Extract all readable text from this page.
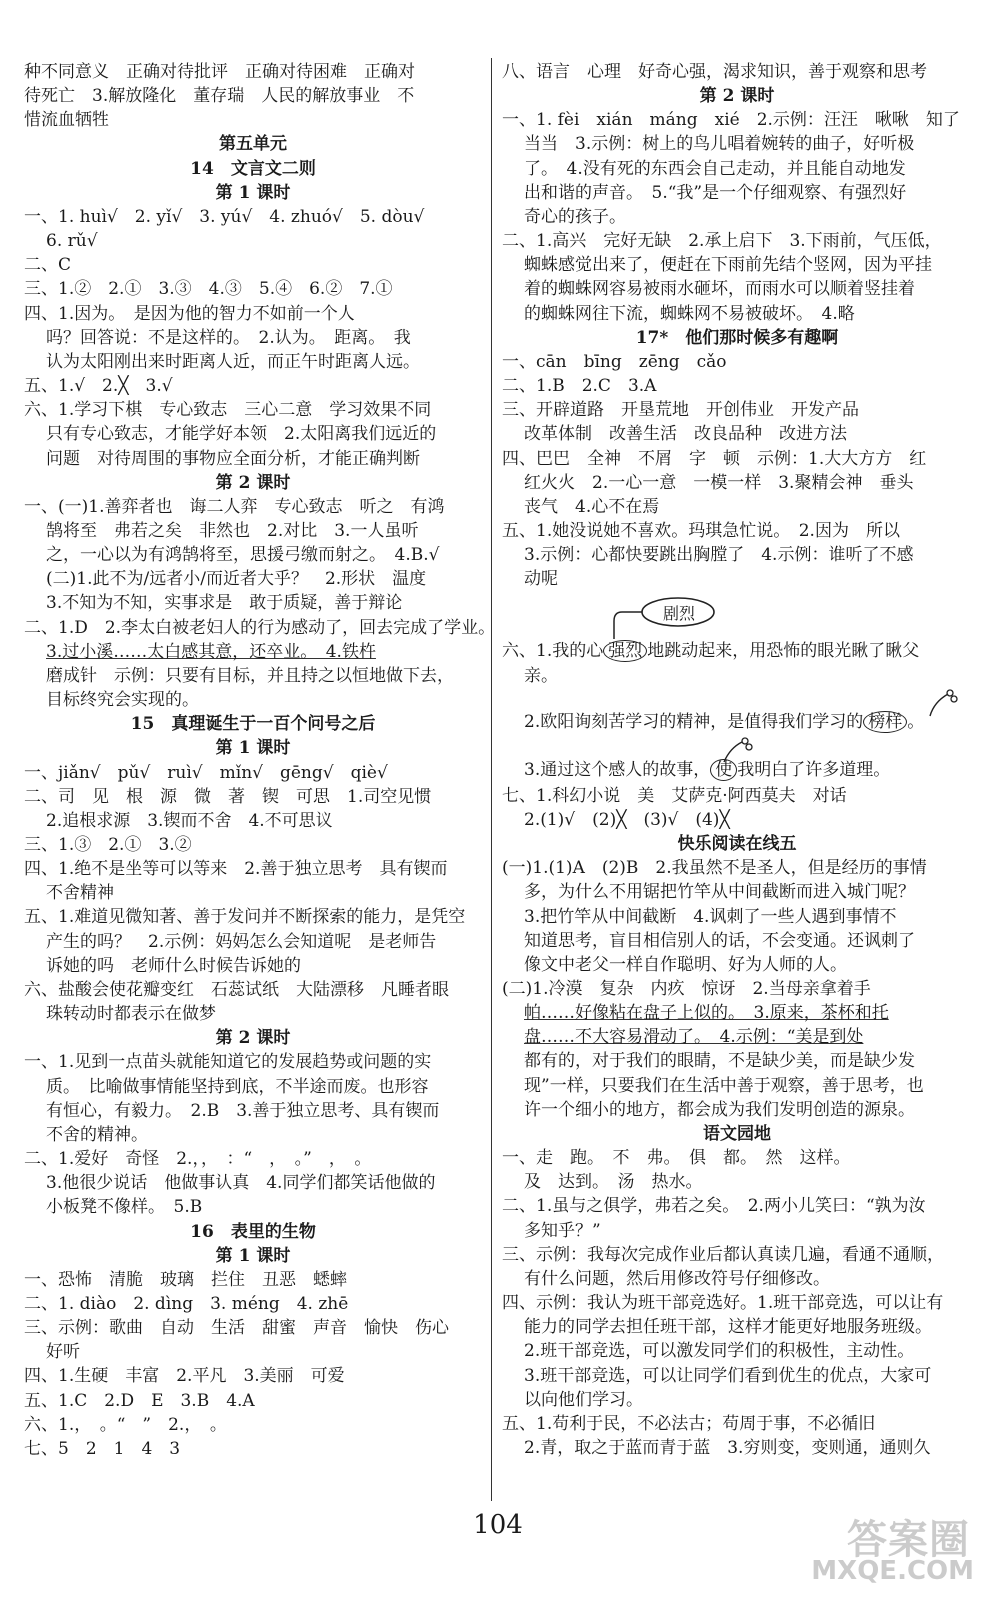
种不同意义　正确对待批评　正确对待困难　正确对
待死亡　3.解放隆化　董存瑞　人民的解放事业　不
惜流血牺牲
第五单元
14　文言文二则
第 1 课时
一、1. huì√　2. yǐ√　3. yú√　4. zhuó√　5. dòu√
6. rǔ√
二、C
三、1.②　2.①　3.③　4.③　5.④　6.②　7.①
四、1.因为。　是因为他的智力不如前一个人
吗？回答说：不是这样的。　2.认为。　距离。　我
认为太阳刚出来时距离人近，而正午时距离人远。
五、1.√　2.╳　3.√
六、1.学习下棋　专心致志　三心二意　学习效果不同
只有专心致志，才能学好本领　2.太阳离我们远近的
问题　对待周围的事物应全面分析，才能正确判断
第 2 课时
一、(一)1.善弈者也　诲二人弈　专心致志　听之　有鸿
鹄将至　弗若之矣　非然也　2.对比　3.一人虽听
之，一心以为有鸿鹄将至，思援弓缴而射之。　4.B.√
(二)1.此不为/远者小/而近者大乎？　2.形状　温度
3.不知为不知，实事求是　敢于质疑，善于辩论
二、1.D　2.李太白被老妇人的行为感动了，回去完成了学业。
3.过小溪……太白感其意，还卒业。　4.铁杵
磨成针　示例：只要有目标，并且持之以恒地做下去，
目标终究会实现的。
15　真理诞生于一百个问号之后
第 1 课时
一、jiǎn√　pǔ√　ruì√　mǐn√　gēng√　qiè√
二、司　见　根　源　微　著　锲　可思　1.司空见惯
2.追根求源　3.锲而不舍　4.不可思议
三、1.③　2.①　3.②
四、1.绝不是坐等可以等来　2.善于独立思考　具有锲而
不舍精神
五、1.难道见微知著、善于发问并不断探索的能力，是凭空
产生的吗？　2.示例：妈妈怎么会知道呢　是老师告
诉她的吗　老师什么时候告诉她的
六、盐酸会使花瓣变红　石蕊试纸　大陆漂移　凡睡者眼
珠转动时都表示在做梦
第 2 课时
一、1.见到一点苗头就能知道它的发展趋势或问题的实
质。　比喻做事情能坚持到底，不半途而废。也形容
有恒心，有毅力。　2.B　3.善于独立思考、具有锲而
不舍的精神。
二、1.爱好　奇怪　2.，，　：“　，　。”　，　。
3.他很少说话　他做事认真　4.同学们都笑话他做的
小板凳不像样。　5.B
16　表里的生物
第 1 课时
一、恐怖　清脆　玻璃　拦住　丑恶　蟋蟀
二、1. diào　2. dìng　3. méng　4. zhē
三、示例：歌曲　自动　生活　甜蜜　声音　愉快　伤心
好听
四、1.生硬　丰富　2.平凡　3.美丽　可爱
五、1.C　2.D　E　3.B　4.A
六、1.，　。“　”　2.，　。
七、5　2　1　4　3
八、语言　心理　好奇心强，渴求知识，善于观察和思考
第 2 课时
一、1. fèi　xián　máng　xié　2.示例：汪汪　啾啾　知了
当当　3.示例：树上的鸟儿唱着婉转的曲子，好听极
了。　4.没有死的东西会自己走动，并且能自动地发
出和谐的声音。　5.“我”是一个仔细观察、有强烈好
奇心的孩子。
二、1.高兴　完好无缺　2.承上启下　3.下雨前，气压低，
蜘蛛感觉出来了，便赶在下雨前先结个竖网，因为平挂
着的蜘蛛网容易被雨水砸坏，而雨水可以顺着竖挂着
的蜘蛛网往下流，蜘蛛网不易被破坏。　4.略
17*　他们那时候多有趣啊
一、cān　bīng　zēng　cǎo
二、1.B　2.C　3.A
三、开辟道路　开垦荒地　开创伟业　开发产品
改革体制　改善生活　改良品种　改进方法
四、巴巴　全神　不屑　字　顿　示例：1.大大方方　红
红火火　2.一心一意　一模一样　3.聚精会神　垂头
丧气　4.心不在焉
五、1.她没说她不喜欢。玛琪急忙说。　2.因为　所以
3.示例：心都快要跳出胸膛了　4.示例：谁听了不感
动呢
剧烈
六、1.我的心 强烈 地跳动起来，用恐怖的眼光瞅了瞅父
亲。
2.欧阳询刻苦学习的精神，是值得我们学习的 榜样 。
3.通过这个感人的故事， 使 我明白了许多道理。
七、1.科幻小说　美　艾萨克·阿西莫夫　对话
2.(1)√　(2)╳　(3)√　(4)╳
快乐阅读在线五
(一)1.(1)A　(2)B　2.我虽然不是圣人，但是经历的事情
多，为什么不用锯把竹竿从中间截断而进入城门呢？
3.把竹竿从中间截断　4.讽刺了一些人遇到事情不
知道思考，盲目相信别人的话，不会变通。还讽刺了
像文中老父一样自作聪明、好为人师的人。
(二)1.冷漠　复杂　内疚　惊讶　2.当母亲拿着手
帕……好像粘在盘子上似的。　3.原来，茶杯和托
盘……不大容易滑动了。　4.示例：“美是到处
都有的，对于我们的眼睛，不是缺少美，而是缺少发
现”一样，只要我们在生活中善于观察，善于思考，也
许一个细小的地方，都会成为我们发明创造的源泉。
语文园地
一、走　跑。　不　弗。　俱　都。　然　这样。
及　达到。　汤　热水。
二、1.虽与之俱学，弗若之矣。　2.两小儿笑曰：“孰为汝
多知乎？”
三、示例：我每次完成作业后都认真读几遍，看通不通顺，
有什么问题，然后用修改符号仔细修改。
四、示例：我认为班干部竞选好。1.班干部竞选，可以让有
能力的同学去担任班干部，这样才能更好地服务班级。
2.班干部竞选，可以激发同学们的积极性，主动性。
3.班干部竞选，可以让同学们看到优生的优点，大家可
以向他们学习。
五、1.苟利于民，不必法古；苟周于事，不必循旧
2.青，取之于蓝而青于蓝　3.穷则变，变则通，通则久
104	答案圈
MXQE.COM
